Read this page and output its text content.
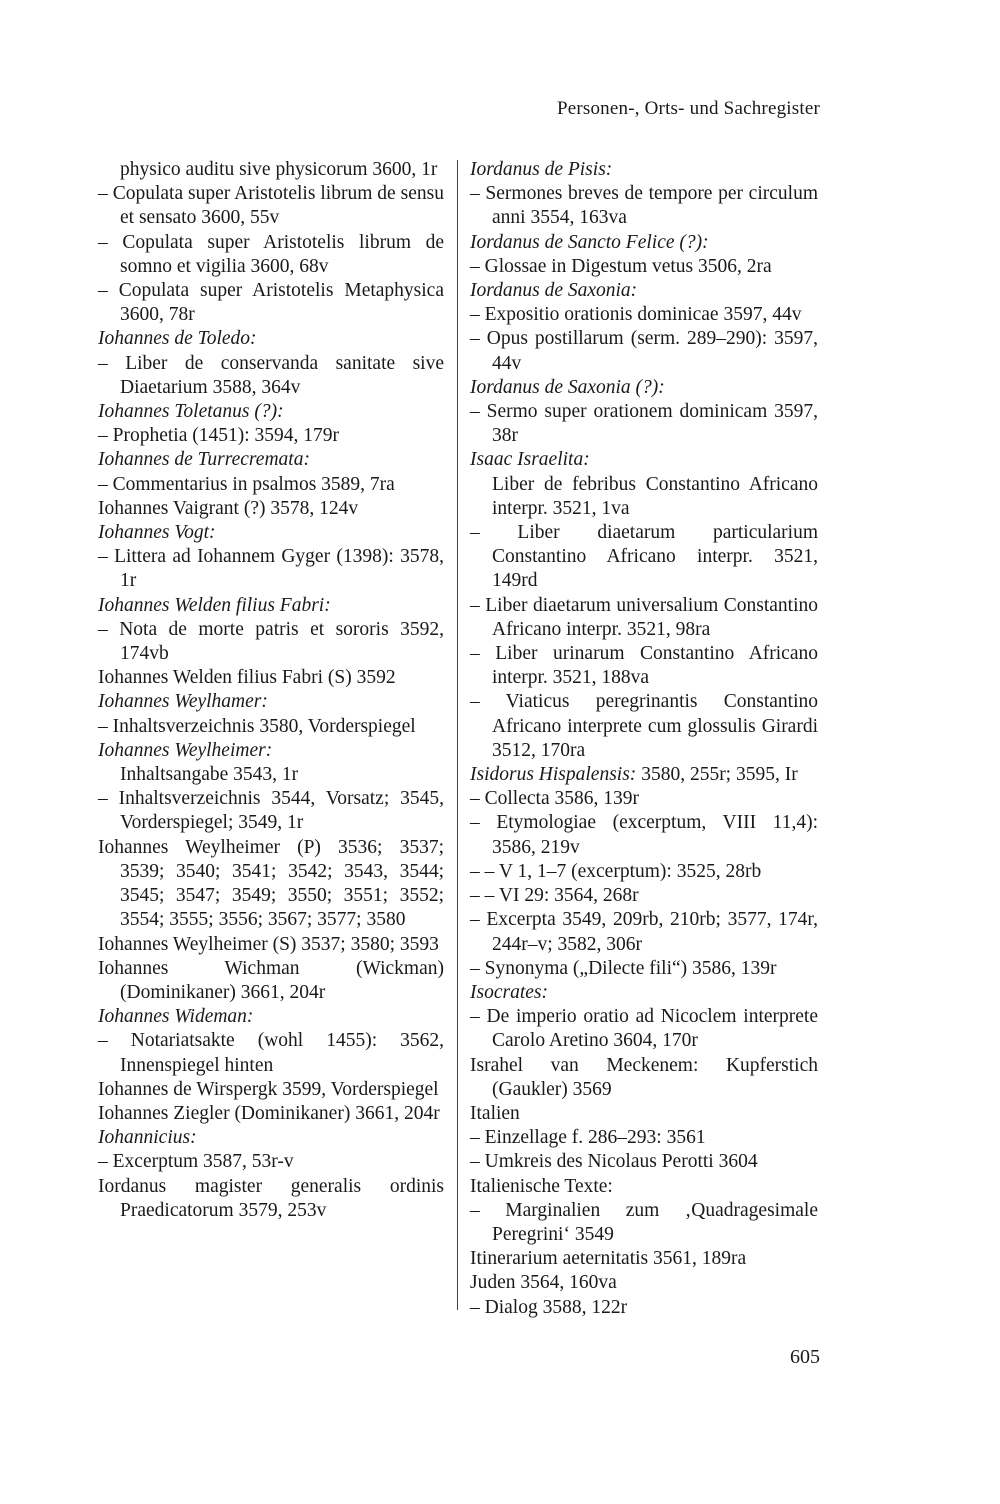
Personen-, Orts- und Sachregister
physico auditu sive physicorum 3600, 1r
– Copulata super Aristotelis librum de sensu et sensato 3600, 55v
– Copulata super Aristotelis librum de somno et vigilia 3600, 68v
– Copulata super Aristotelis Metaphysica 3600, 78r
Iohannes de Toledo:
– Liber de conservanda sanitate sive Diaetarium 3588, 364v
Iohannes Toletanus (?):
– Prophetia (1451): 3594, 179r
Iohannes de Turrecremata:
– Commentarius in psalmos 3589, 7ra
Iohannes Vaigrant (?) 3578, 124v
Iohannes Vogt:
– Littera ad Iohannem Gyger (1398): 3578, 1r
Iohannes Welden filius Fabri:
– Nota de morte patris et sororis 3592, 174vb
Iohannes Welden filius Fabri (S) 3592
Iohannes Weylhamer:
– Inhaltsverzeichnis 3580, Vorderspiegel
Iohannes Weylheimer:
Inhaltsangabe 3543, 1r
– Inhaltsverzeichnis 3544, Vorsatz; 3545, Vorderspiegel; 3549, 1r
Iohannes Weylheimer (P) 3536; 3537; 3539; 3540; 3541; 3542; 3543, 3544; 3545; 3547; 3549; 3550; 3551; 3552; 3554; 3555; 3556; 3567; 3577; 3580
Iohannes Weylheimer (S) 3537; 3580; 3593
Iohannes Wichman (Wickman) (Dominikaner) 3661, 204r
Iohannes Wideman:
– Notariatsakte (wohl 1455): 3562, Innenspiegel hinten
Iohannes de Wirspergk 3599, Vorderspiegel
Iohannes Ziegler (Dominikaner) 3661, 204r
Iohannicius:
– Excerptum 3587, 53r-v
Iordanus magister generalis ordinis Praedicatorum 3579, 253v
Iordanus de Pisis:
– Sermones breves de tempore per circulum anni 3554, 163va
Iordanus de Sancto Felice (?):
– Glossae in Digestum vetus 3506, 2ra
Iordanus de Saxonia:
– Expositio orationis dominicae 3597, 44v
– Opus postillarum (serm. 289–290): 3597, 44v
Iordanus de Saxonia (?):
– Sermo super orationem dominicam 3597, 38r
Isaac Israelita:
Liber de febribus Constantino Africano interpr. 3521, 1va
– Liber diaetarum particularium Constantino Africano interpr. 3521, 149rd
– Liber diaetarum universalium Constantino Africano interpr. 3521, 98ra
– Liber urinarum Constantino Africano interpr. 3521, 188va
– Viaticus peregrinantis Constantino Africano interprete cum glossulis Girardi 3512, 170ra
Isidorus Hispalensis: 3580, 255r; 3595, Ir
– Collecta 3586, 139r
– Etymologiae (excerptum, VIII 11,4): 3586, 219v
– – V 1, 1–7 (excerptum): 3525, 28rb
– – VI 29: 3564, 268r
– Excerpta 3549, 209rb, 210rb; 3577, 174r, 244r–v; 3582, 306r
– Synonyma („Dilecte fili“) 3586, 139r
Isocrates:
– De imperio oratio ad Nicoclem interprete Carolo Aretino 3604, 170r
Israhel van Meckenem: Kupferstich (Gaukler) 3569
Italien
– Einzellage f. 286–293: 3561
– Umkreis des Nicolaus Perotti 3604
Italienische Texte:
– Marginalien zum ‚Quadragesimale Peregrini‘ 3549
Itinerarium aeternitatis 3561, 189ra
Juden 3564, 160va
– Dialog 3588, 122r
605
